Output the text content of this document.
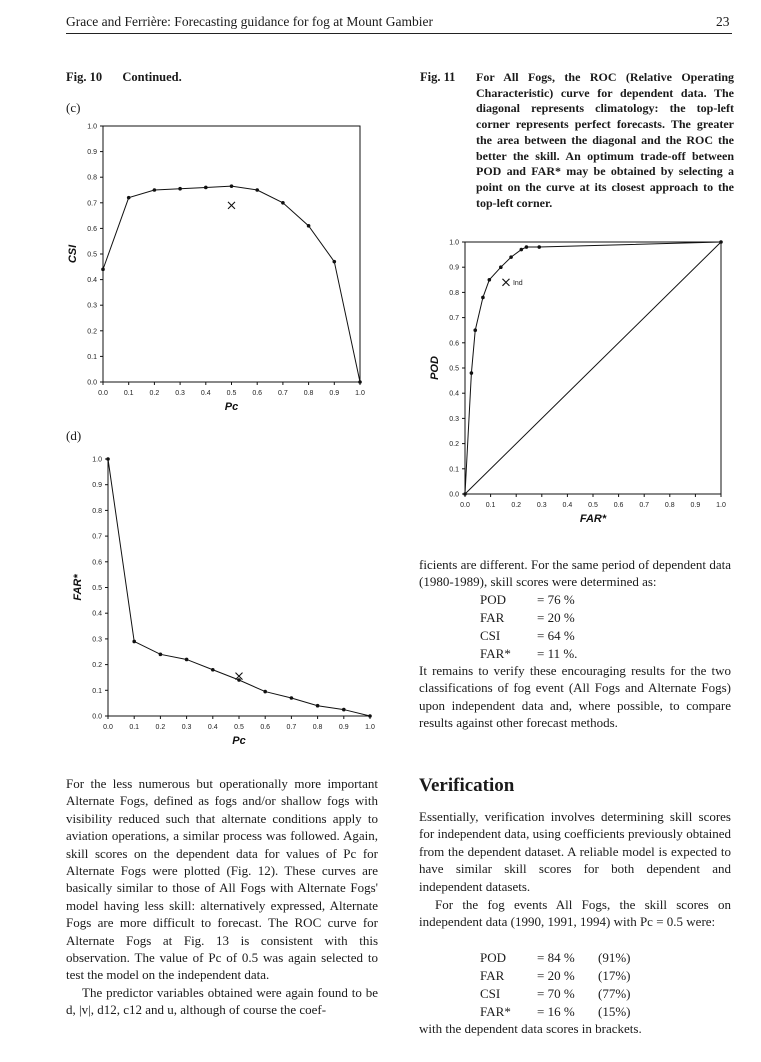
Grace and Ferrière: Forecasting guidance for fog at Mount Gambier	23
Fig. 10 Continued.
(c)
(d)
Fig. 11 For All Fogs, the ROC (Relative Operating Characteristic) curve for dependent data. The diagonal represents climatology: the top-left corner represents perfect forecasts. The greater the area between the diagonal and the ROC the better the skill. An optimum trade-off between POD and FAR* may be obtained by selecting a point on the curve at its closest approach to the top-left corner.
0.0 0.1 0.2 0.3 0.4 0.5 0.6 0.7 0.8 0.9 1.0
0.0
0.1
0.2
0.3
0.4
0.5
0.6
0.7
0.8
0.9
1.0
Pc
CSI
0.0 0.1 0.2 0.3 0.4 0.5 0.6 0.7 0.8 0.9 1.0
0.0
0.1
0.2
0.3
0.4
0.5
0.6
0.7
0.8
0.9
1.0
Pc
FAR*
0.0 0.1 0.2 0.3 0.4 0.5 0.6 0.7 0.8 0.9 1.0
0.0
0.1
0.2
0.3
0.4
0.5
0.6
0.7
0.8
0.9
1.0
FAR*
POD
Ind
ficients are different. For the same period of dependent data (1980-1989), skill scores were determined as:
POD = 76 %
FAR	= 20 %
CSI	= 64 %
FAR* = 11 %.
It remains to verify these encouraging results for the two classifications of fog event (All Fogs and Alternate Fogs) upon independent data and, where possible, to compare results against other forecast methods.
Verification
Essentially, verification involves determining skill scores for independent data, using coefficients previously obtained from the dependent dataset. A reliable model is expected to have similar skill scores for both dependent and independent datasets.
For the fog events All Fogs, the skill scores on independent data (1990, 1991, 1994) with Pc = 0.5 were:
POD = 84 % (91%)
FAR	= 20 % (17%)
CSI	= 70 % (77%)
FAR* = 16 % (15%)
with the dependent data scores in brackets.

For the less numerous but operationally more important Alternate Fogs, defined as fogs and/or shallow fogs with visibility reduced such that alternate conditions apply to aviation operations, a similar process was followed. Again, skill scores on the dependent data for values of Pc for Alternate Fogs were plotted (Fig. 12). These curves are basically similar to those of All Fogs with Alternate Fogs' model having less skill: alternatively expressed, Alternate Fogs are more difficult to forecast. The ROC curve for Alternate Fogs at Fig. 13 is consistent with this observation. The value of Pc of 0.5 was again selected to test the model on the independent data.

The predictor variables obtained were again found to be d, |v|, d12, c12 and u, although of course the coef-
